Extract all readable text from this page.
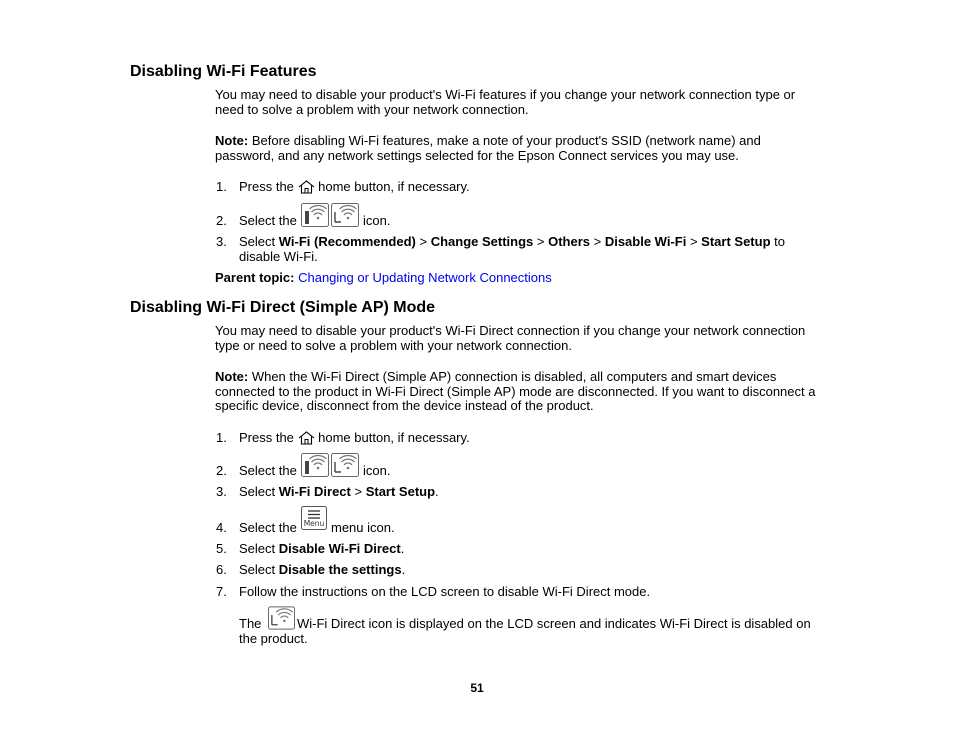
Disabling Wi-Fi Features
You may need to disable your product's Wi-Fi features if you change your network connection type or need to solve a problem with your network connection.
Note: Before disabling Wi-Fi features, make a note of your product's SSID (network name) and password, and any network settings selected for the Epson Connect services you may use.
1. Press the  home button, if necessary.
2. Select the	icon.
3. Select Wi-Fi (Recommended) > Change Settings > Others > Disable Wi-Fi > Start Setup to
disable Wi-Fi.
Parent topic: Changing or Updating Network Connections
Disabling Wi-Fi Direct (Simple AP) Mode
You may need to disable your product's Wi-Fi Direct connection if you change your network connection type or need to solve a problem with your network connection.
Note: When the Wi-Fi Direct (Simple AP) connection is disabled, all computers and smart devices connected to the product in Wi-Fi Direct (Simple AP) mode are disconnected. If you want to disconnect a specific device, disconnect from the device instead of the product.
1. Press the  home button, if necessary.
2. Select the	icon.
3. Select Wi-Fi Direct > Start Setup.
4. Select the Menu menu icon.
5. Select Disable Wi-Fi Direct.
6. Select Disable the settings.
7. Follow the instructions on the LCD screen to disable Wi-Fi Direct mode.
The	Wi-Fi Direct icon is displayed on the LCD screen and indicates Wi-Fi Direct is disabled on the product.
51
